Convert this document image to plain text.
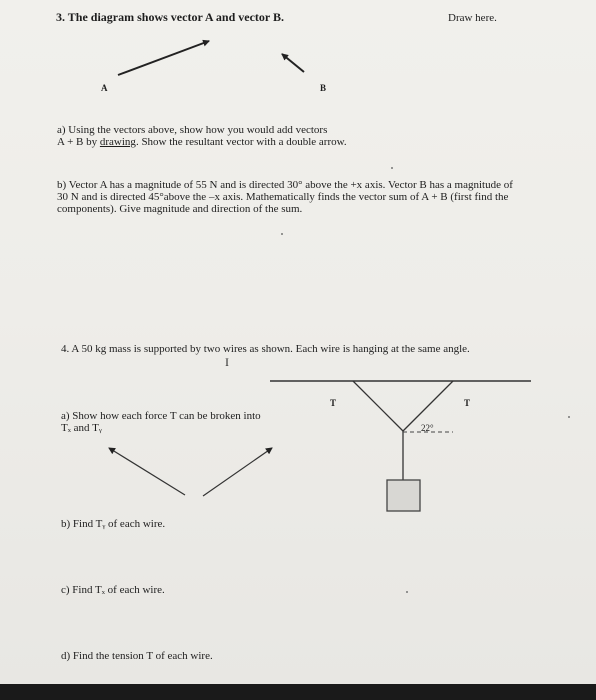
3. The diagram shows vector A and vector B.	Draw here.
A	B
a) Using the vectors above, show how you would add vectors
A + B by drawing. Show the resultant vector with a double arrow.
b) Vector A has a magnitude of 55 N and is directed 30° above the +x axis. Vector B has a magnitude of
30 N and is directed 45°above the –x axis. Mathematically finds the vector sum of A + B (first find the
components). Give magnitude and direction of the sum.
4. A 50 kg mass is supported by two wires as shown. Each wire is hanging at the same angle.
I
T	T
22°
a) Show how each force T can be broken into
Tₓ and Tᵧ
b) Find Tᵧ of each wire.
c) Find Tₓ of each wire.
d) Find the tension T of each wire.
